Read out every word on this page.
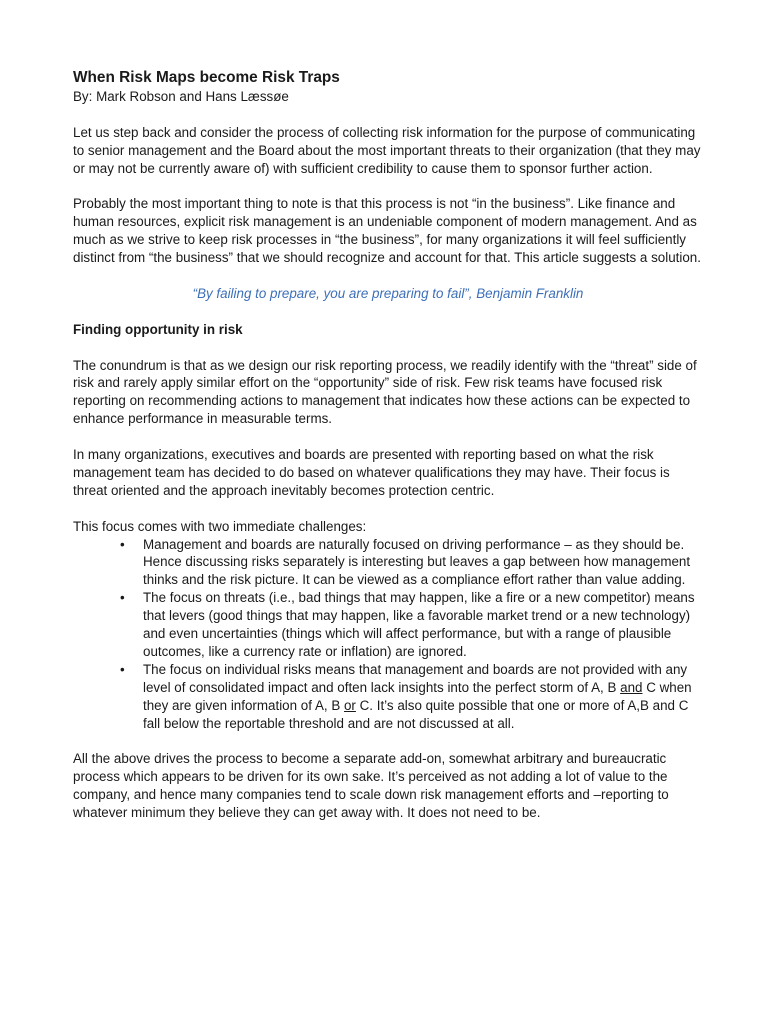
When Risk Maps become Risk Traps
By: Mark Robson and Hans Læssøe

Let us step back and consider the process of collecting risk information for the purpose of communicating to senior management and the Board about the most important threats to their organization (that they may or may not be currently aware of) with sufficient credibility to cause them to sponsor further action.

Probably the most important thing to note is that this process is not “in the business”. Like finance and human resources, explicit risk management is an undeniable component of modern management. And as much as we strive to keep risk processes in “the business”, for many organizations it will feel sufficiently distinct from “the business” that we should recognize and account for that. This article suggests a solution.

“By failing to prepare, you are preparing to fail”, Benjamin Franklin
Finding opportunity in risk

The conundrum is that as we design our risk reporting process, we readily identify with the “threat” side of risk and rarely apply similar effort on the “opportunity” side of risk. Few risk teams have focused risk reporting on recommending actions to management that indicates how these actions can be expected to enhance performance in measurable terms.

In many organizations, executives and boards are presented with reporting based on what the risk management team has decided to do based on whatever qualifications they may have. Their focus is threat oriented and the approach inevitably becomes protection centric.

This focus comes with two immediate challenges:

• Management and boards are naturally focused on driving performance – as they should be. Hence discussing risks separately is interesting but leaves a gap between how management thinks and the risk picture. It can be viewed as a compliance effort rather than value adding.
• The focus on threats (i.e., bad things that may happen, like a fire or a new competitor) means that levers (good things that may happen, like a favorable market trend or a new technology) and even uncertainties (things which will affect performance, but with a range of plausible outcomes, like a currency rate or inflation) are ignored.
• The focus on individual risks means that management and boards are not provided with any level of consolidated impact and often lack insights into the perfect storm of A, B and C when they are given information of A, B or C. It’s also quite possible that one or more of A,B and C fall below the reportable threshold and are not discussed at all.

All the above drives the process to become a separate add-on, somewhat arbitrary and bureaucratic process which appears to be driven for its own sake. It’s perceived as not adding a lot of value to the company, and hence many companies tend to scale down risk management efforts and –reporting to whatever minimum they believe they can get away with. It does not need to be.
